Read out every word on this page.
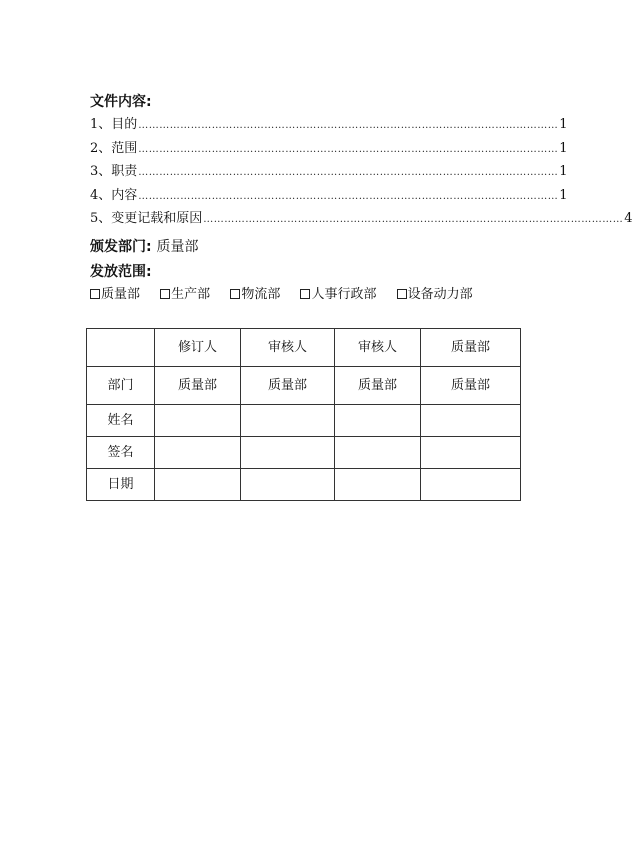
文件内容:
1、目的 ………………………………………………………………………………………………………… 1
2、范围 ………………………………………………………………………………………………………… 1
3、职责 ………………………………………………………………………………………………………… 1
4、内容 ………………………………………………………………………………………………………… 1
5、变更记载和原因 ………………………………………………………………………………………………………… 4
颁发部门: 质量部
发放范围:
质量部 生产部 物流部 人事行政部 设备动力部
	修订人	审核人	审核人	质量部
部门	质量部	质量部	质量部	质量部
姓名				
签名				
日期				
